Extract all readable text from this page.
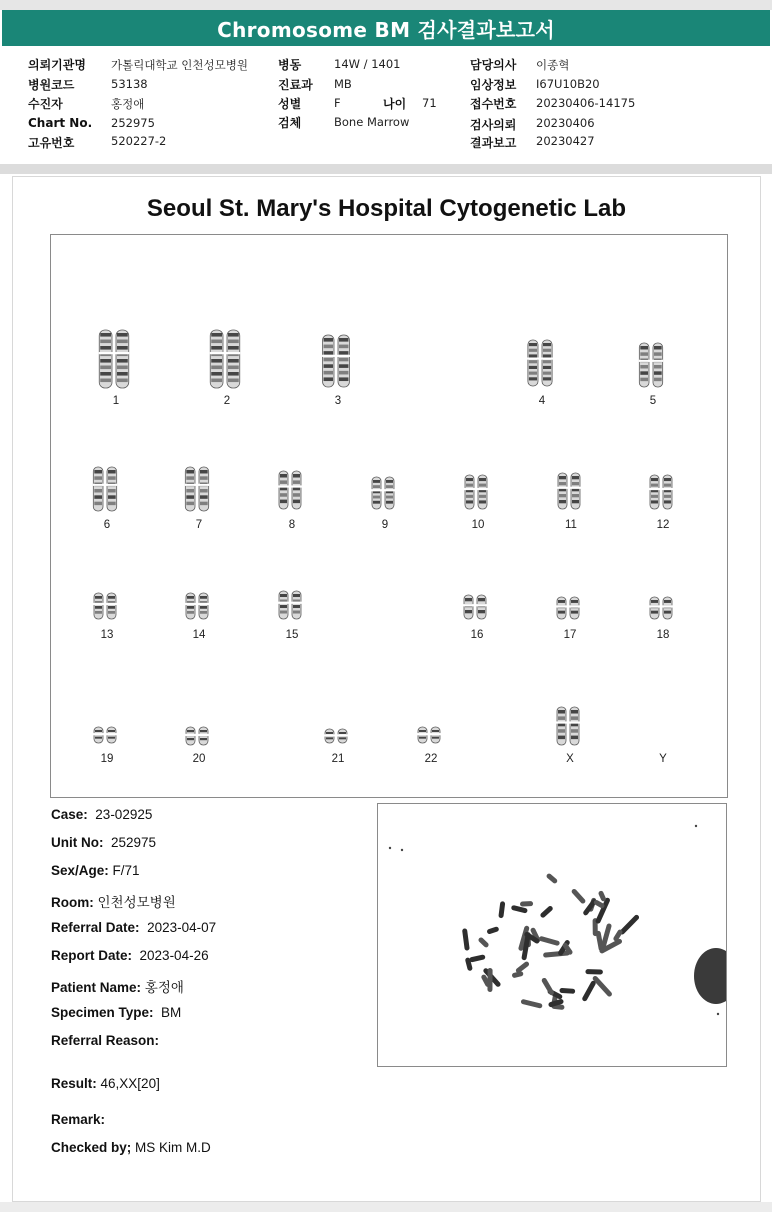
Chromosome BM 검사결과보고서
의뢰기관명 가톨릭대학교 인천성모병원
병원코드	53138
수진자	홍정애
Chart No. 252975
고유번호	520227-2
병동	14W / 1401
진료과 MB
성별	F	나이 71
검체	Bone Marrow
담당의사 이종혁
임상정보 I67U10B20
접수번호 20230406-14175
검사의뢰 20230406
결과보고 20230427
Seoul St. Mary's Hospital Cytogenetic Lab
1	2	3	4	5
6	7	8	9	10	11	12
13	14	15	16	17	18
19	20	21	22	X	Y
Case: 23-02925
Unit No: 252975
Sex/Age: F/71
Room: 인천성모병원
Referral Date: 2023-04-07
Report Date: 2023-04-26
Patient Name: 홍정애
Specimen Type: BM
Referral Reason:
Result: 46,XX[20]
Remark:
Checked by; MS Kim M.D
